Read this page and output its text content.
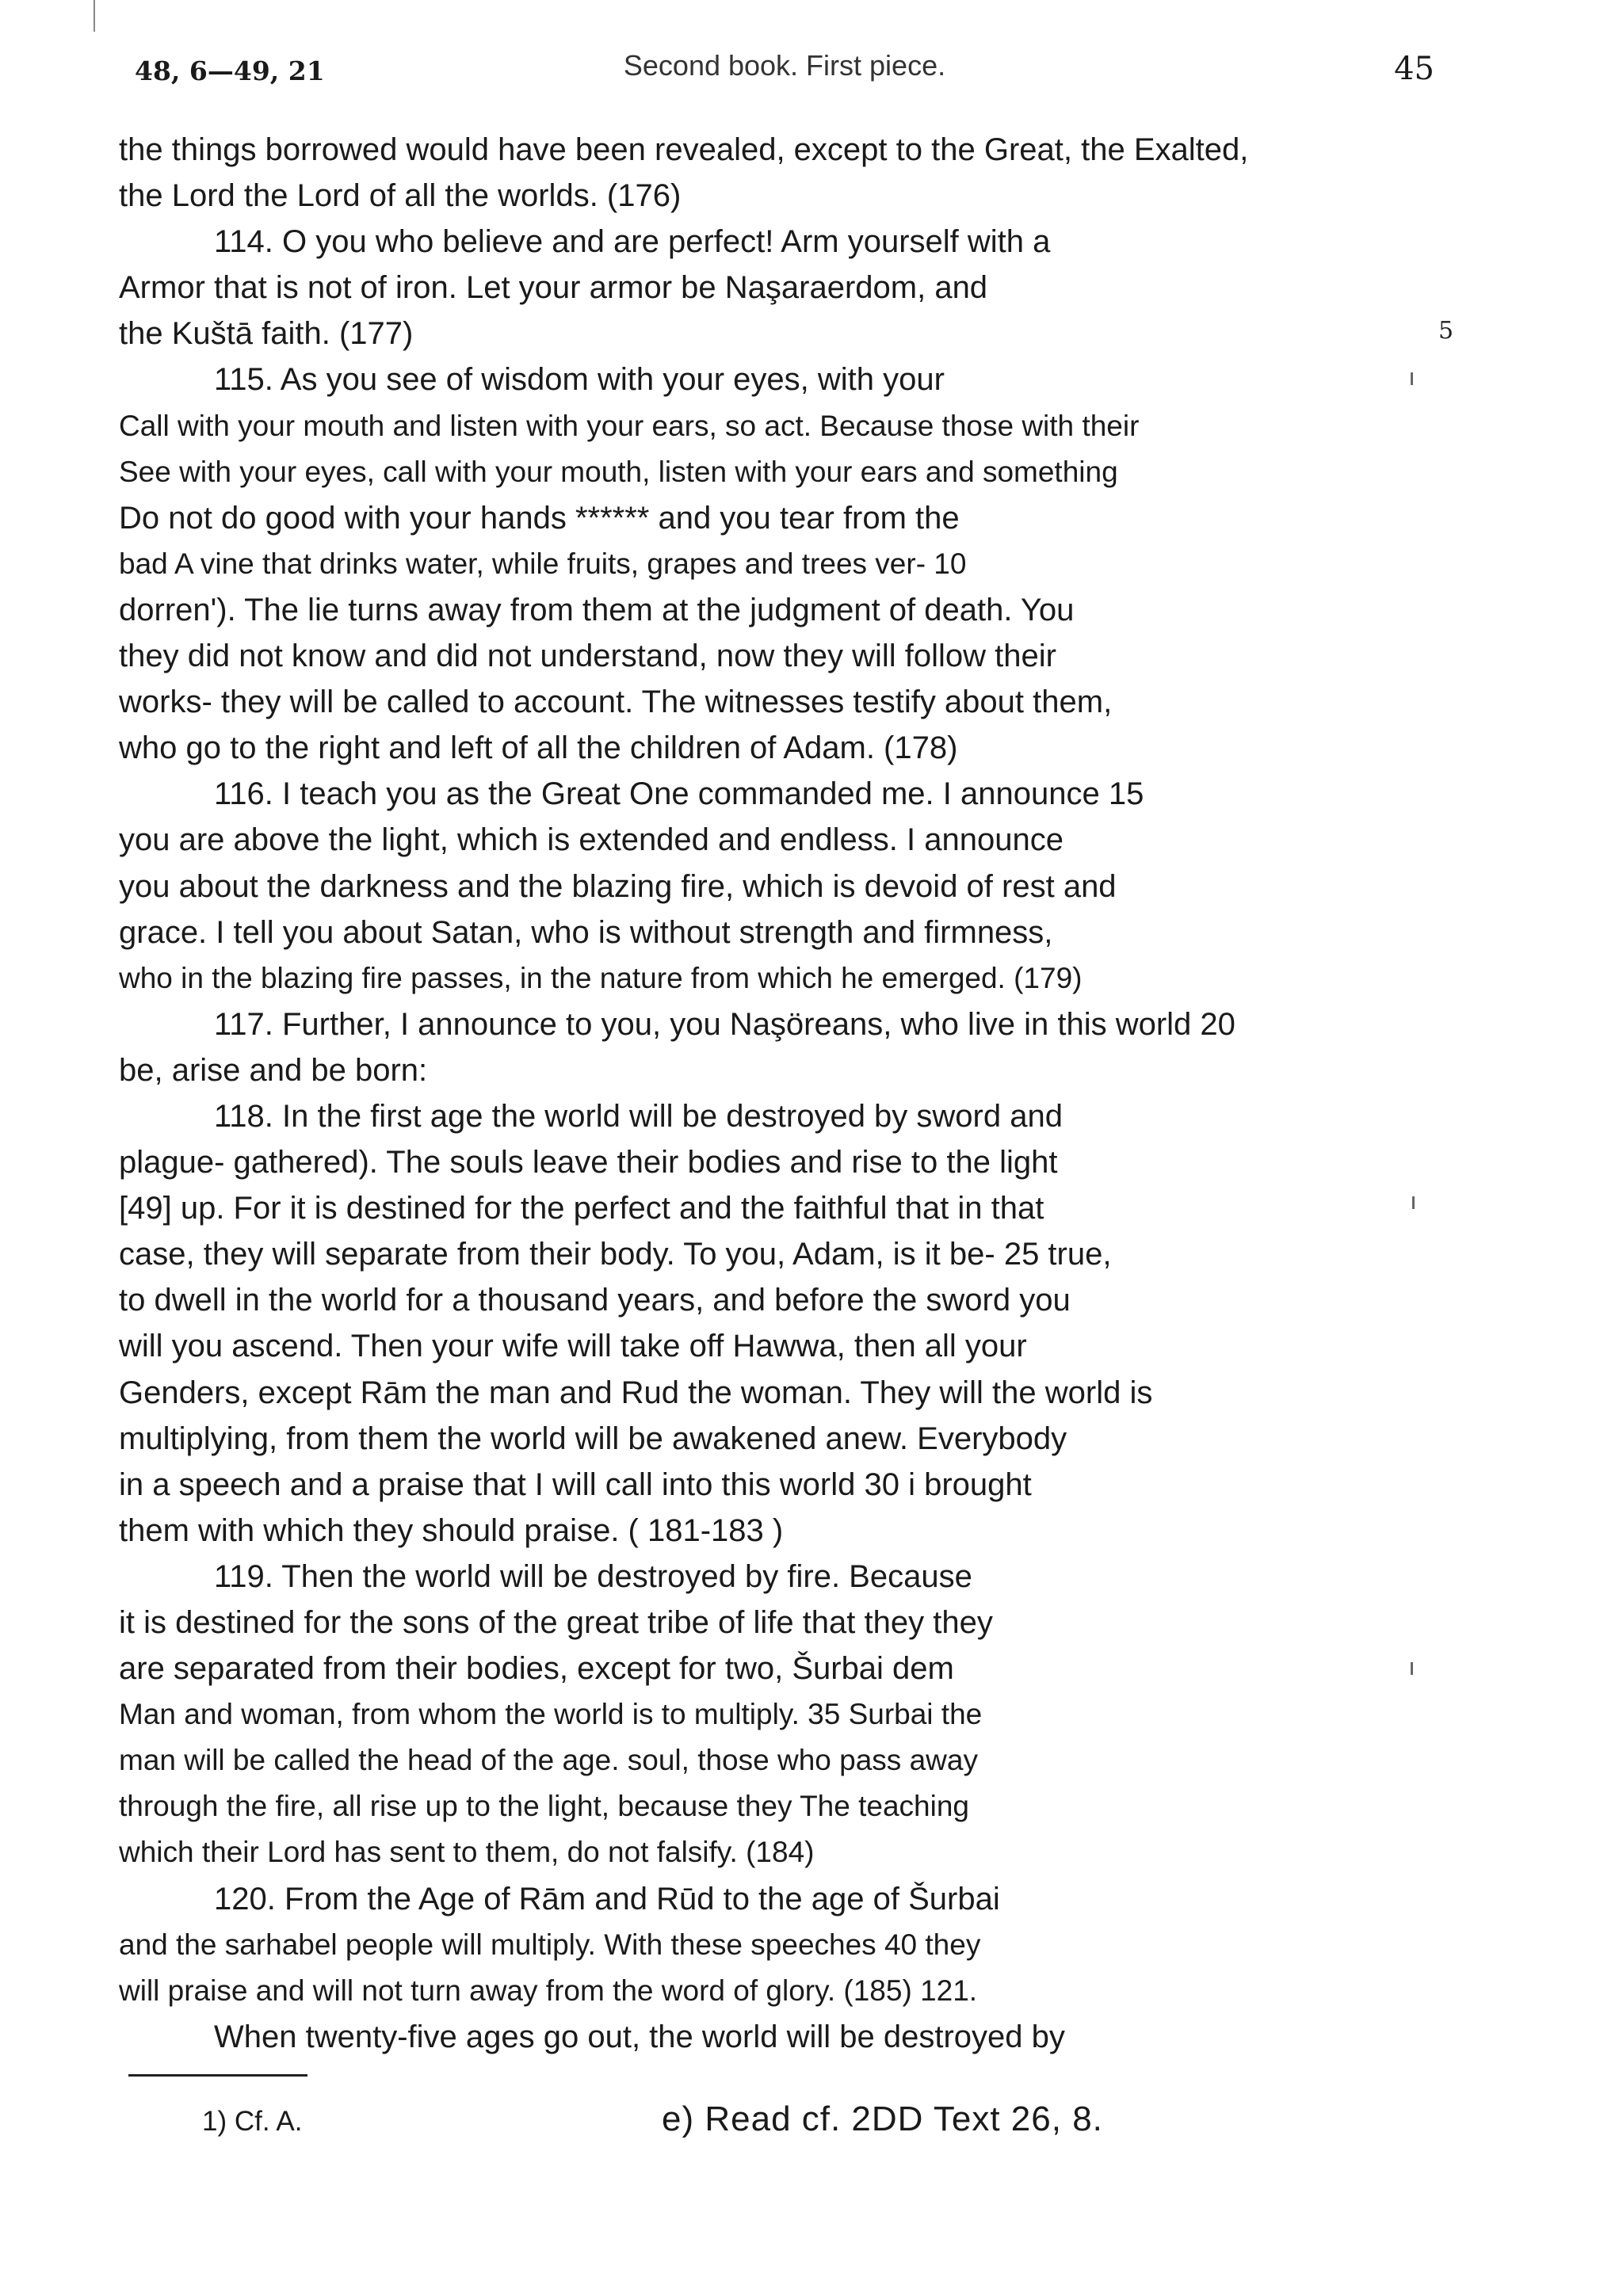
48, 6—49, 21	Second book. First piece.	45
the things borrowed would have been revealed, except to the Great, the Exalted,
the Lord the Lord of all the worlds. (176)
114. O you who believe and are perfect! Arm yourself with a
Armor that is not of iron. Let your armor be Naşaraerdom, and
the Kuštā faith. (177)
115. As you see of wisdom with your eyes, with your
Call with your mouth and listen with your ears, so act. Because those with their
See with your eyes, call with your mouth, listen with your ears and something
Do not do good with your hands ****** and you tear from the
bad A vine that drinks water, while fruits, grapes and trees ver- 10
dorren'). The lie turns away from them at the judgment of death. You
they did not know and did not understand, now they will follow their
works- they will be called to account. The witnesses testify about them,
who go to the right and left of all the children of Adam. (178)
116. I teach you as the Great One commanded me. I announce 15
you are above the light, which is extended and endless. I announce
you about the darkness and the blazing fire, which is devoid of rest and
grace. I tell you about Satan, who is without strength and firmness,
who in the blazing fire passes, in the nature from which he emerged. (179)
117. Further, I announce to you, you Naşöreans, who live in this world 20
be, arise and be born:
118. In the first age the world will be destroyed by sword and
plague- gathered). The souls leave their bodies and rise to the light
[49] up. For it is destined for the perfect and the faithful that in that
case, they will separate from their body. To you, Adam, is it be- 25 true,
to dwell in the world for a thousand years, and before the sword you
will you ascend. Then your wife will take off Hawwa, then all your
Genders, except Rām the man and Rud the woman. They will the world is
multiplying, from them the world will be awakened anew. Everybody
in a speech and a praise that I will call into this world 30 i brought
them with which they should praise. ( 181-183 )
119. Then the world will be destroyed by fire. Because
it is destined for the sons of the great tribe of life that they they
are separated from their bodies, except for two, Šurbai dem
Man and woman, from whom the world is to multiply. 35 Surbai the
man will be called the head of the age. soul, those who pass away
through the fire, all rise up to the light, because they The teaching
which their Lord has sent to them, do not falsify. (184)
120. From the Age of Rām and Rūd to the age of Šurbai
and the sarhabel people will multiply. With these speeches 40 they
will praise and will not turn away from the word of glory. (185) 121.
When twenty-five ages go out, the world will be destroyed by
5
1) Cf. A.	e) Read cf. 2DD Text 26, 8.
